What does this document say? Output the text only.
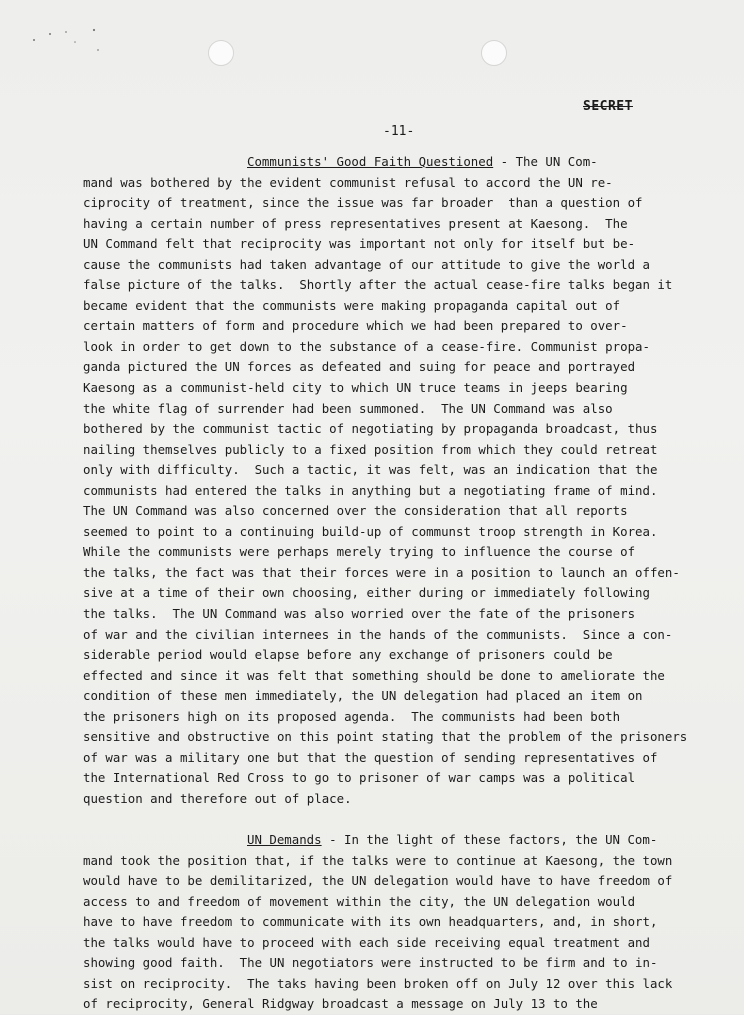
SECRET
-11-
Communists' Good Faith Questioned - The UN Com-
mand was bothered by the evident communist refusal to accord the UN re-
ciprocity of treatment, since the issue was far broader  than a question of
having a certain number of press representatives present at Kaesong.  The
UN Command felt that reciprocity was important not only for itself but be-
cause the communists had taken advantage of our attitude to give the world a
false picture of the talks.  Shortly after the actual cease-fire talks began it
became evident that the communists were making propaganda capital out of
certain matters of form and procedure which we had been prepared to over-
look in order to get down to the substance of a cease-fire. Communist propa-
ganda pictured the UN forces as defeated and suing for peace and portrayed
Kaesong as a communist-held city to which UN truce teams in jeeps bearing
the white flag of surrender had been summoned.  The UN Command was also
bothered by the communist tactic of negotiating by propaganda broadcast, thus
nailing themselves publicly to a fixed position from which they could retreat
only with difficulty.  Such a tactic, it was felt, was an indication that the
communists had entered the talks in anything but a negotiating frame of mind.
The UN Command was also concerned over the consideration that all reports
seemed to point to a continuing build-up of communst troop strength in Korea.
While the communists were perhaps merely trying to influence the course of
the talks, the fact was that their forces were in a position to launch an offen-
sive at a time of their own choosing, either during or immediately following
the talks.  The UN Command was also worried over the fate of the prisoners
of war and the civilian internees in the hands of the communists.  Since a con-
siderable period would elapse before any exchange of prisoners could be
effected and since it was felt that something should be done to ameliorate the
condition of these men immediately, the UN delegation had placed an item on
the prisoners high on its proposed agenda.  The communists had been both
sensitive and obstructive on this point stating that the problem of the prisoners
of war was a military one but that the question of sending representatives of
the International Red Cross to go to prisoner of war camps was a political
question and therefore out of place.

UN Demands - In the light of these factors, the UN Com-
mand took the position that, if the talks were to continue at Kaesong, the town
would have to be demilitarized, the UN delegation would have to have freedom of
access to and freedom of movement within the city, the UN delegation would
have to have freedom to communicate with its own headquarters, and, in short,
the talks would have to proceed with each side receiving equal treatment and
showing good faith.  The UN negotiators were instructed to be firm and to in-
sist on reciprocity.  The taks having been broken off on July 12 over this lack
of reciprocity, General Ridgway broadcast a message on July 13 to the
